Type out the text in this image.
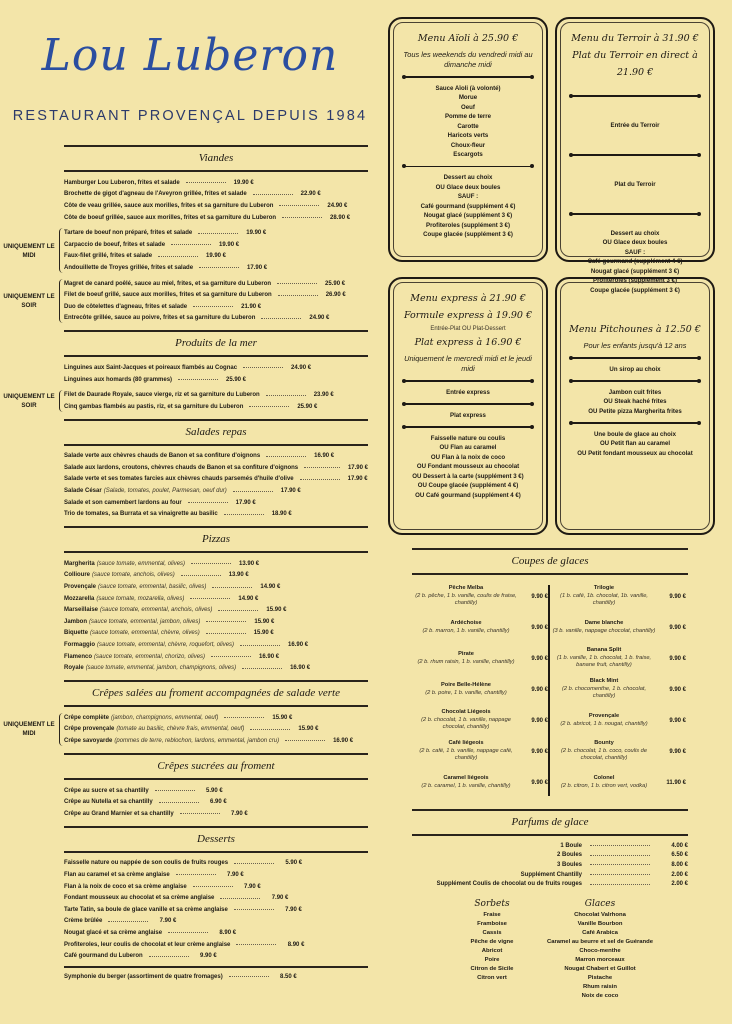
Lou Luberon
RESTAURANT PROVENÇAL DEPUIS 1984
Viandes
Hamburger Lou Luberon, frites et salade	19.90 €
Brochette de gigot d'agneau de l'Aveyron grillée, frites et salade	22.90 €
Côte de veau grillée, sauce aux morilles, frites et sa garniture du Luberon	24.90 €
Côte de boeuf grillée, sauce aux morilles, frites et sa garniture du Luberon	28.90 €
UNIQUEMENT LE MIDI
Tartare de boeuf non préparé, frites et salade	19.90 €
Carpaccio de boeuf, frites et salade	19.90 €
Faux-filet grillé, frites et salade	19.90 €
Andouillette de Troyes grillée, frites et salade	17.90 €
UNIQUEMENT LE SOIR
Magret de canard poêlé, sauce au miel, frites, et sa garniture du Luberon	25.90 €
Filet de boeuf grillé, sauce aux morilles, frites et sa garniture du Luberon	26.90 €
Duo de côtelettes d'agneau, frites et salade	21.90 €
Entrecôte grillée, sauce au poivre, frites et sa garniture du Luberon	24.90 €
Produits de la mer
Linguines aux Saint-Jacques et poireaux flambés au Cognac	24.90 €
Linguines aux homards (80 grammes)	25.90 €
UNIQUEMENT LE SOIR
Filet de Daurade Royale, sauce vierge, riz et sa garniture du Luberon	23.90 €
Cinq gambas flambés au pastis, riz, et sa garniture du Luberon	25.90 €
Salades repas
Salade verte aux chèvres chauds de Banon et sa confiture d'oignons	16.90 €
Salade aux lardons, croutons, chèvres chauds de Banon et sa confiture d'oignons	17.90 €
Salade verte et ses tomates farcies aux chèvres chauds parsemés d'huile d'olive	17.90 €
Salade César (Salade, tomates, poulet, Parmesan, oeuf dur)	17.90 €
Salade et son camembert lardons au four	17.90 €
Trio de tomates, sa Burrata et sa vinaigrette au basilic	18.90 €
Pizzas
Margherita (sauce tomate, emmental, olives)	13.90 €
Collioure (sauce tomate, anchois, olives)	13.90 €
Provençale (sauce tomate, emmental, basilic, olives)	14.90 €
Mozzarella (sauce tomate, mozarella, olives)	14.90 €
Marseillaise (sauce tomate, emmental, anchois, olives)	15.90 €
Jambon (sauce tomate, emmental, jambon, olives)	15.90 €
Biquette (sauce tomate, emmental, chèvre, olives)	15.90 €
Formaggio (sauce tomate, emmental, chèvre, roquefort, olives)	16.90 €
Flamenco (sauce tomate, emmental, chorizo, olives)	16.90 €
Royale (sauce tomate, emmental, jambon, champignons, olives)	16.90 €
Crêpes salées au froment accompagnées de salade verte
UNIQUEMENT LE MIDI
Crêpe complète (jambon, champignons, emmental, oeuf)	15.90 €
Crêpe provençale (tomate au basilic, chèvre frais, emmental, oeuf)	15.90 €
Crêpe savoyarde (pommes de terre, reblochon, lardons, emmental, jambon cru)	16.90 €
Crêpes sucrées au froment
Crêpe au sucre et sa chantilly	5.90 €
Crêpe au Nutella et sa chantilly	6.90 €
Crêpe au Grand Marnier et sa chantilly	7.90 €
Desserts
Faisselle nature ou nappée de son coulis de fruits rouges	5.90 €
Flan au caramel et sa crème anglaise	7.90 €
Flan à la noix de coco et sa crème anglaise	7.90 €
Fondant mousseux au chocolat et sa crème anglaise	7.90 €
Tarte Tatin, sa boule de glace vanille et sa crème anglaise	7.90 €
Crème brûlée	7.90 €
Nougat glacé et sa crème anglaise	8.90 €
Profiteroles, leur coulis de chocolat et leur crème anglaise	8.90 €
Café gourmand du Luberon	9.90 €
Symphonie du berger (assortiment de quatre fromages)	8.50 €
Menu Aïoli à 25.90 €
Tous les weekends du vendredi midi au dimanche midi
Sauce Aïoli (à volonté)
Morue
Oeuf
Pomme de terre
Carotte
Haricots verts
Choux-fleur
Escargots
Dessert au choix
OU Glace deux boules
SAUF :
Café gourmand (supplément 4 €)
Nougat glacé (supplément 3 €)
Profiteroles (supplément 3 €)
Coupe glacée (supplément 3 €)
Menu du Terroir à 31.90 €
Plat du Terroir en direct à 21.90 €
Entrée du Terroir
Plat du Terroir
Dessert au choix
OU Glace deux boules
SAUF :
Café gourmand (supplément 4 €)
Nougat glacé (supplément 3 €)
Profiteroles (supplément 3 €)
Coupe glacée (supplément 3 €)
Menu express à 21.90 €
Formule express à 19.90 €
Entrée-Plat OU Plat-Dessert
Plat express à 16.90 €
Uniquement le mercredi midi et le jeudi midi
Entrée express
Plat express
Faisselle nature ou coulis
OU Flan au caramel
OU Flan à la noix de coco
OU Fondant mousseux au chocolat
OU Dessert à la carte (supplément 3 €)
OU Coupe glacée (supplément 4 €)
OU Café gourmand (supplément 4 €)
Menu Pitchounes à 12.50 €
Pour les enfants jusqu'à 12 ans
Un sirop au choix
Jambon cuit frites
OU Steak haché frites
OU Petite pizza Margherita frites
Une boule de glace au choix
OU Petit flan au caramel
OU Petit fondant mousseux au chocolat
Coupes de glaces
Pêche Melba
(2 b. pêche, 1 b. vanille, coulis de fraise, chantilly)
9.90 €
Ardéchoise
(2 b. marron, 1 b. vanille, chantilly)	9.90 €
Pirate
(2 b. rhum raisin, 1 b. vanille, chantilly)	9.90 €
Poire Belle-Hélène
(2 b. poire, 1 b. vanille, chantilly)	9.90 €
Chocolat Liégeois
(2 b. chocolat, 1 b. vanille, nappage chocolat, chantilly)
9.90 €
Café liégeois
(2 b. café, 1 b. vanille, nappage café, chantilly)
9.90 €
Caramel liégeois
(2 b. caramel, 1 b. vanille, chantilly)	9.90 €
Trilogie
(1 b. café, 1b. chocolat, 1b. vanille, chantilly)
9.90 €
Dame blanche
(3 b. vanille, nappage chocolat, chantilly)	9.90 €
Banana Split
(1 b. vanille, 1 b. chocolat, 1 b. fraise, banane fruit, chantilly)
9.90 €
Black Mint
(2 b. chocomenthe, 1 b. chocolat, chantilly)
9.90 €
Provençale
(2 b. abricot, 1 b. nougat, chantilly)	9.90 €
Bounty
(2 b. chocolat, 1 b. coco, coulis de chocolat, chantilly)
9.90 €
Colonel
(2 b. citron, 1 b. citron vert, vodka)	11.90 €
Parfums de glace
1 Boule	4.00 €
2 Boules	6.50 €
3 Boules	8.00 €
Supplément Chantilly	2.00 €
Supplément Coulis de chocolat ou de fruits rouges	2.00 €
Sorbets
Fraise
Framboise
Cassis
Pêche de vigne
Abricot
Poire
Citron de Sicile
Citron vert
Glaces
Chocolat Valrhona
Vanille Bourbon
Café Arabica
Caramel au beurre et sel de Guérande
Choco-menthe
Marron morceaux
Nougat Chabert et Guillot
Pistache
Rhum raisin
Noix de coco
